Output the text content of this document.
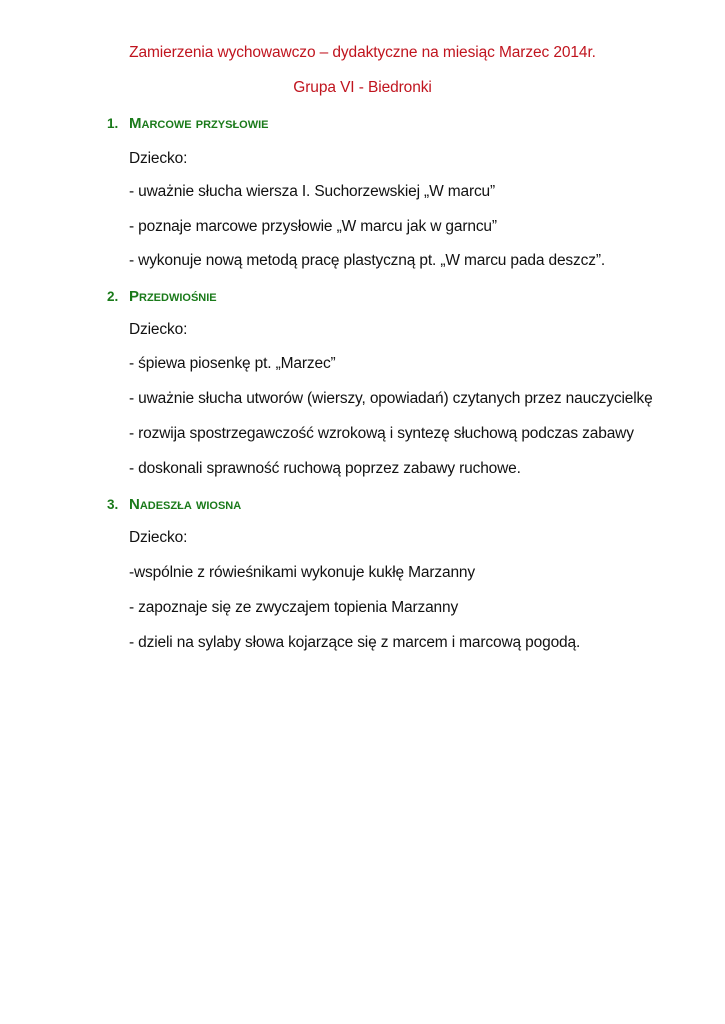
Zamierzenia wychowawczo – dydaktyczne na miesiąc Marzec 2014r.
Grupa VI - Biedronki
1. Marcowe przysłowie
Dziecko:
- uważnie słucha wiersza I. Suchorzewskiej „W marcu”
- poznaje marcowe przysłowie „W marcu jak w garncu”
- wykonuje nową metodą pracę plastyczną pt. „W marcu pada deszcz”.
2. Przedwiośnie
Dziecko:
- śpiewa piosenkę pt. „Marzec”
- uważnie słucha utworów (wierszy, opowiadań) czytanych przez nauczycielkę
- rozwija spostrzegawczość wzrokową i syntezę słuchową podczas zabawy
- doskonali sprawność ruchową poprzez zabawy ruchowe.
3. Nadeszła wiosna
Dziecko:
-wspólnie z rówieśnikami wykonuje kukłę Marzanny
- zapoznaje się ze zwyczajem topienia Marzanny
- dzieli na sylaby słowa kojarzące się z marcem i marcową pogodą.
